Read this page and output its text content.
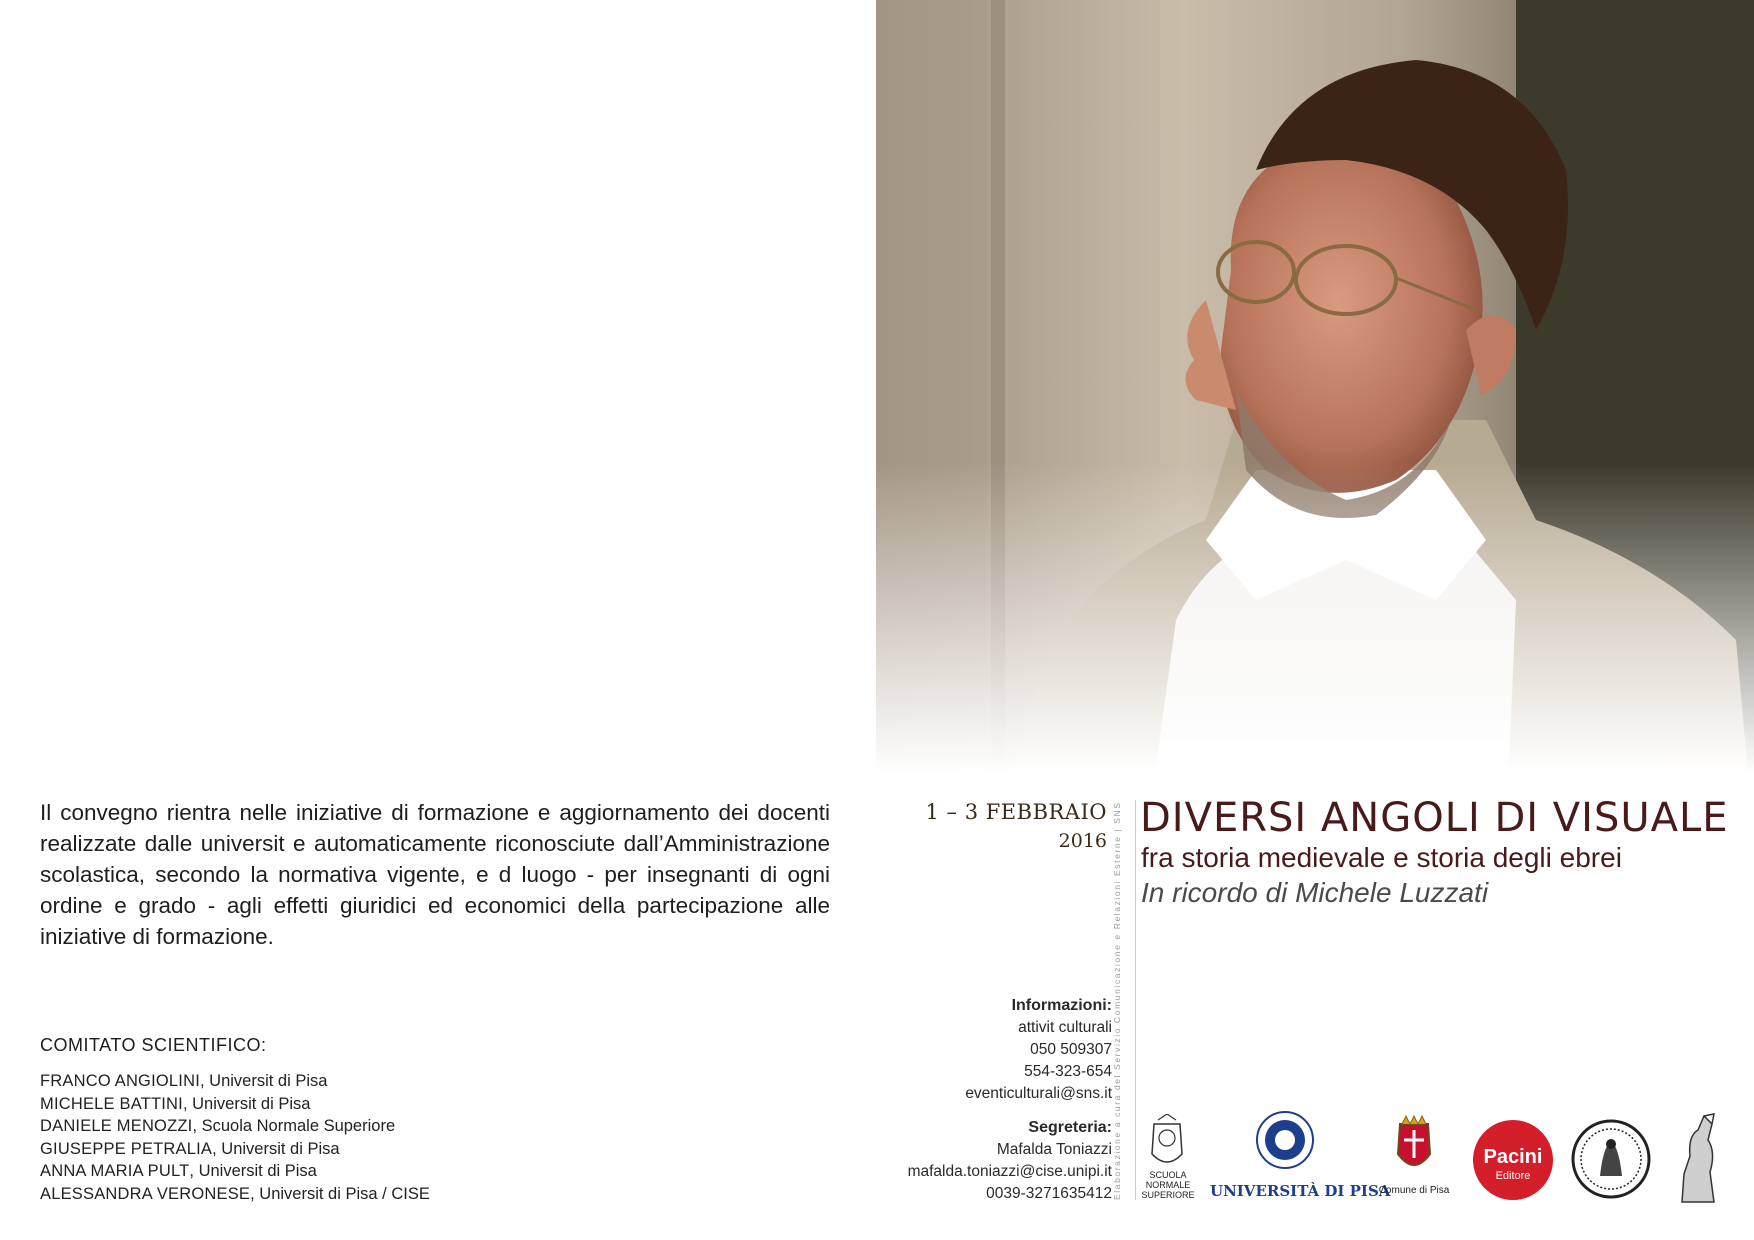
Il convegno rientra nelle iniziative di formazione e aggiornamento dei docenti realizzate dalle universit e automaticamente riconosciute dall’Amministrazione scolastica, secondo la normativa vigente, e d luogo - per insegnanti di ogni ordine e grado - agli effetti giuridici ed economici della partecipazione alle iniziative di formazione.
COMITATO SCIENTIFICO:
FRANCO ANGIOLINI, Universit di Pisa
MICHELE BATTINI, Universit di Pisa
DANIELE MENOZZI, Scuola Normale Superiore
GIUSEPPE PETRALIA, Universit di Pisa
ANNA MARIA PULT, Universit di Pisa
ALESSANDRA VERONESE, Universit di Pisa / CISE
1 – 3 FEBBRAIO
2016 Elaborazione a cura del Servizio Comunicazione e Relazioni Esterne | SNS DIVERSI ANGOLI DI VISUALE
fra storia medievale e storia degli ebrei
In ricordo di Michele Luzzati
Informazioni:
attivit culturali
050 509307
554-323-654
eventiculturali@sns.it
Segreteria:
Mafalda Toniazzi
mafalda.toniazzi@cise.unipi.it
0039-3271635412
SCUOLA NORMALE SUPERIORE UNIVERSITÀ DI PISA
Comune di Pisa
Pacini
Editore
